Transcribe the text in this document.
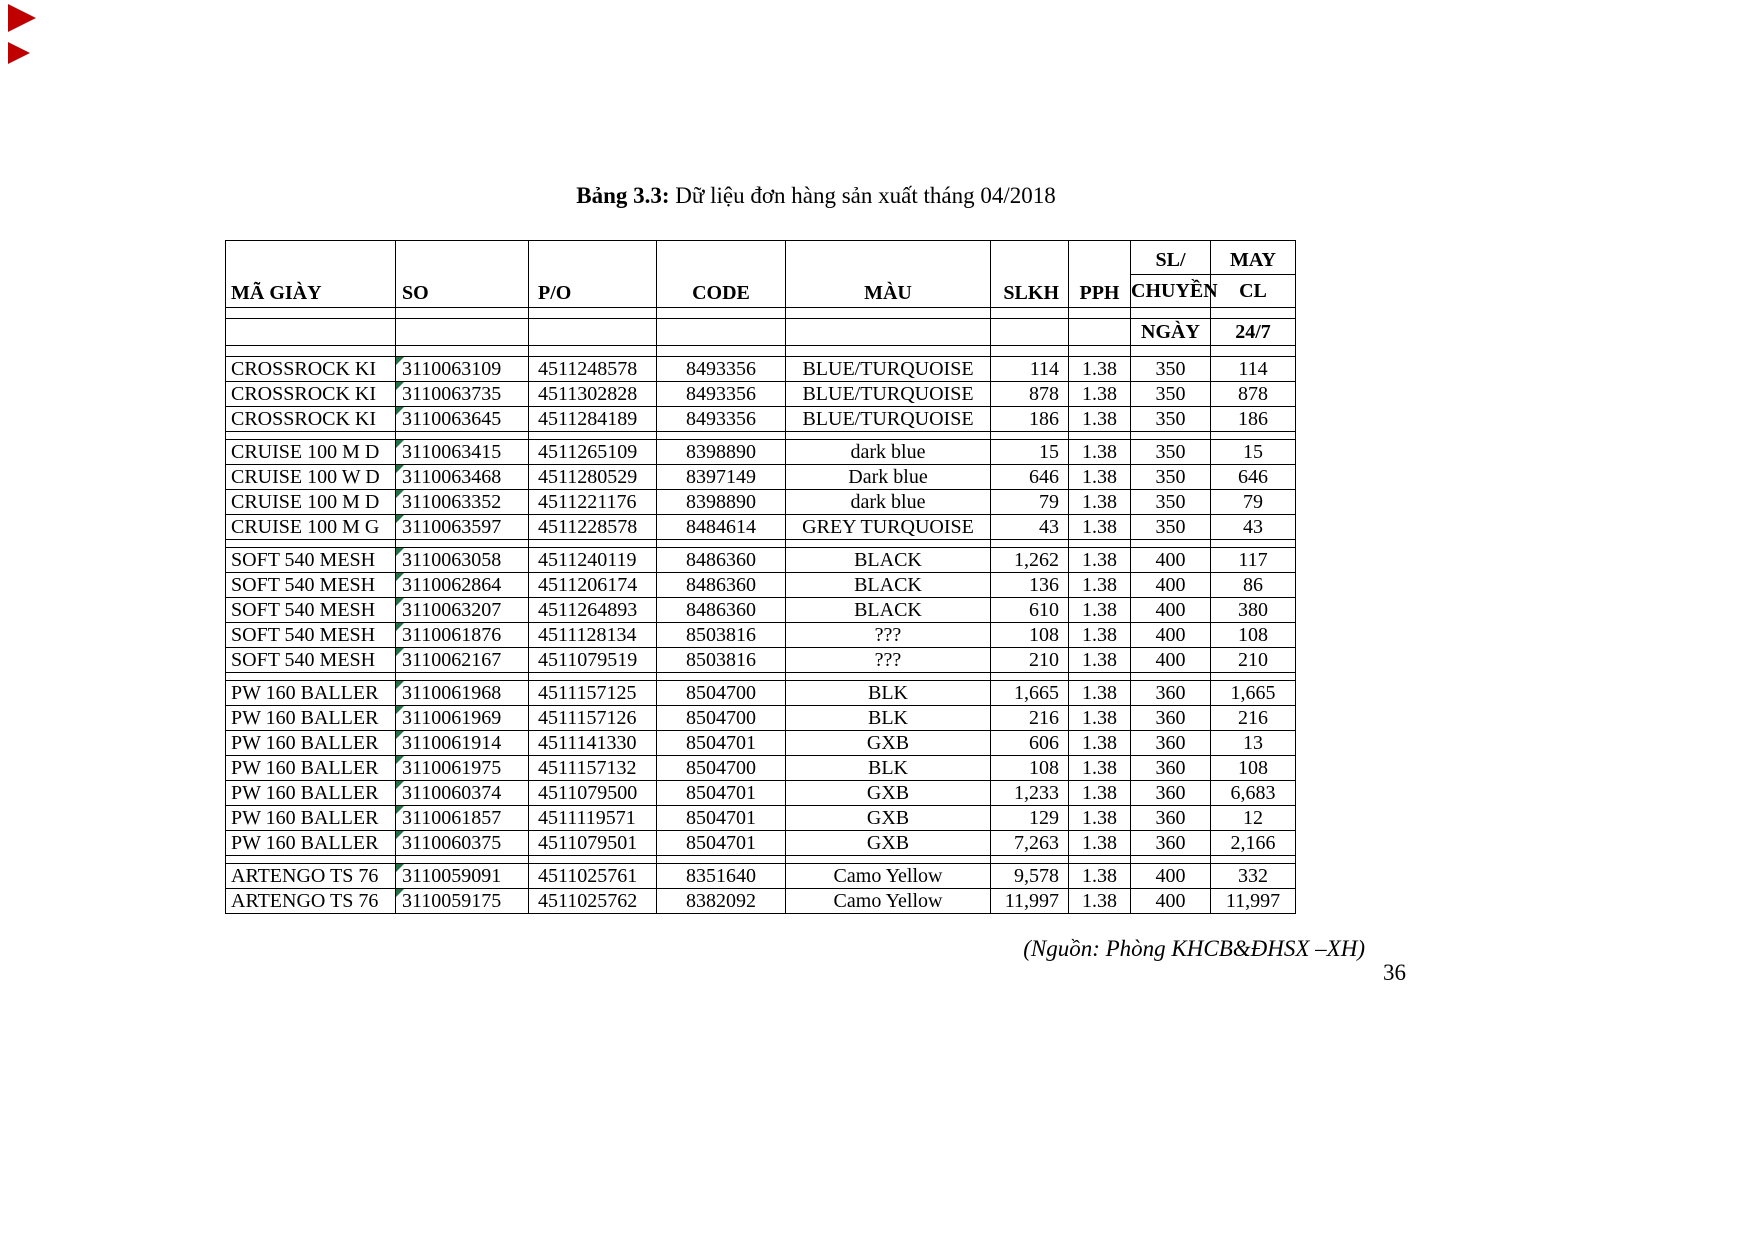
Bảng 3.3: Dữ liệu đơn hàng sản xuất tháng 04/2018
MÃ GIÀY	SO	P/O	CODE	MÀU	SLKH	PPH	SL/	MAY
							CHUYỀN	CL

							NGÀY	24/7

CROSSROCK KI	3110063109	4511248578	8493356	BLUE/TURQUOISE	114	1.38	350	114
CROSSROCK KI	3110063735	4511302828	8493356	BLUE/TURQUOISE	878	1.38	350	878
CROSSROCK KI	3110063645	4511284189	8493356	BLUE/TURQUOISE	186	1.38	350	186

CRUISE 100 M D	3110063415	4511265109	8398890	dark blue	15	1.38	350	15
CRUISE 100 W D	3110063468	4511280529	8397149	Dark blue	646	1.38	350	646
CRUISE 100 M D	3110063352	4511221176	8398890	dark blue	79	1.38	350	79
CRUISE 100 M G	3110063597	4511228578	8484614	GREY TURQUOISE	43	1.38	350	43

SOFT 540 MESH	3110063058	4511240119	8486360	BLACK	1,262	1.38	400	117
SOFT 540 MESH	3110062864	4511206174	8486360	BLACK	136	1.38	400	86
SOFT 540 MESH	3110063207	4511264893	8486360	BLACK	610	1.38	400	380
SOFT 540 MESH	3110061876	4511128134	8503816	???	108	1.38	400	108
SOFT 540 MESH	3110062167	4511079519	8503816	???	210	1.38	400	210

PW 160 BALLER	3110061968	4511157125	8504700	BLK	1,665	1.38	360	1,665
PW 160 BALLER	3110061969	4511157126	8504700	BLK	216	1.38	360	216
PW 160 BALLER	3110061914	4511141330	8504701	GXB	606	1.38	360	13
PW 160 BALLER	3110061975	4511157132	8504700	BLK	108	1.38	360	108
PW 160 BALLER	3110060374	4511079500	8504701	GXB	1,233	1.38	360	6,683
PW 160 BALLER	3110061857	4511119571	8504701	GXB	129	1.38	360	12
PW 160 BALLER	3110060375	4511079501	8504701	GXB	7,263	1.38	360	2,166

ARTENGO TS 76	3110059091	4511025761	8351640	Camo Yellow	9,578	1.38	400	332
ARTENGO TS 76	3110059175	4511025762	8382092	Camo Yellow	11,997	1.38	400	11,997
(Nguồn: Phòng KHCB&ĐHSX –XH)
36
